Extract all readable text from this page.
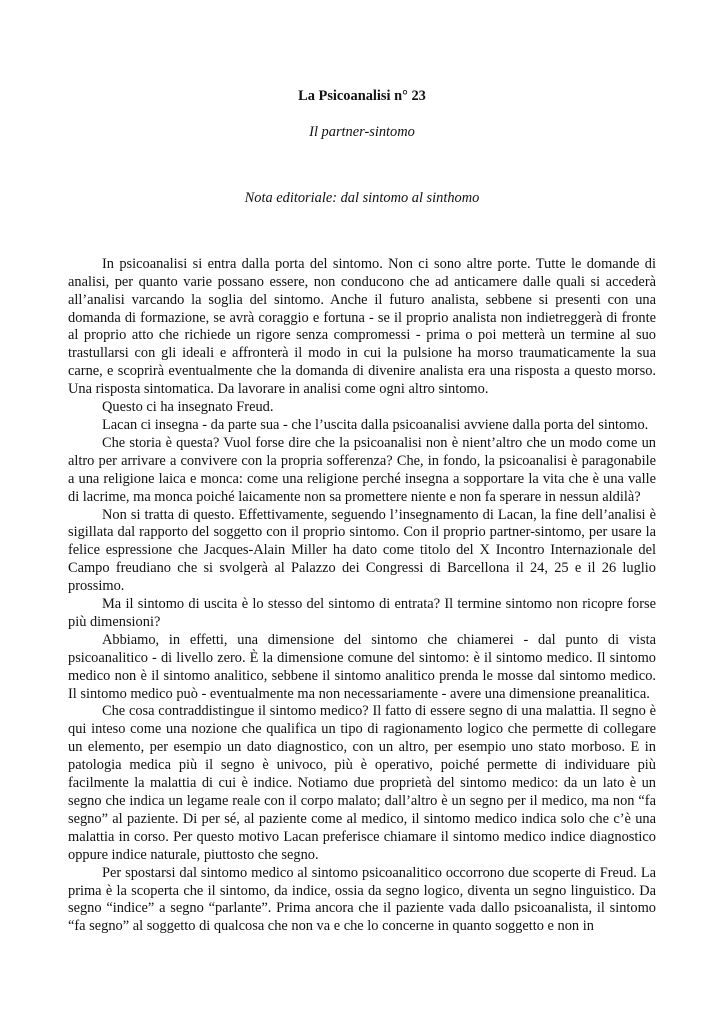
La Psicoanalisi n° 23
Il partner-sintomo
Nota editoriale: dal sintomo al sinthomo

In psicoanalisi si entra dalla porta del sintomo. Non ci sono altre porte. Tutte le domande di analisi, per quanto varie possano essere, non conducono che ad anticamere dalle quali si accederà all’analisi varcando la soglia del sintomo. Anche il futuro analista, sebbene si presenti con una domanda di formazione, se avrà coraggio e fortuna - se il proprio analista non indietreggerà di fronte al proprio atto che richiede un rigore senza compromessi - prima o poi metterà un termine al suo trastullarsi con gli ideali e affronterà il modo in cui la pulsione ha morso traumaticamente la sua carne, e scoprirà eventualmente che la domanda di divenire analista era una risposta a questo morso. Una risposta sintomatica. Da lavorare in analisi come ogni altro sintomo.

Questo ci ha insegnato Freud.

Lacan ci insegna - da parte sua - che l’uscita dalla psicoanalisi avviene dalla porta del sintomo.

Che storia è questa? Vuol forse dire che la psicoanalisi non è nient’altro che un modo come un altro per arrivare a convivere con la propria sofferenza? Che, in fondo, la psicoanalisi è paragonabile a una religione laica e monca: come una religione perché insegna a sopportare la vita che è una valle di lacrime, ma monca poiché laicamente non sa promettere niente e non fa sperare in nessun aldilà?

Non si tratta di questo. Effettivamente, seguendo l’insegnamento di Lacan, la fine dell’analisi è sigillata dal rapporto del soggetto con il proprio sintomo. Con il proprio partner-sintomo, per usare la felice espressione che Jacques-Alain Miller ha dato come titolo del X Incontro Internazionale del Campo freudiano che si svolgerà al Palazzo dei Congressi di Barcellona il 24, 25 e il 26 luglio prossimo.

Ma il sintomo di uscita è lo stesso del sintomo di entrata? Il termine sintomo non ricopre forse più dimensioni?

Abbiamo, in effetti, una dimensione del sintomo che chiamerei - dal punto di vista psicoanalitico - di livello zero. È la dimensione comune del sintomo: è il sintomo medico. Il sintomo medico non è il sintomo analitico, sebbene il sintomo analitico prenda le mosse dal sintomo medico. Il sintomo medico può - eventualmente ma non necessariamente - avere una dimensione preanalitica.

Che cosa contraddistingue il sintomo medico? Il fatto di essere segno di una malattia. Il segno è qui inteso come una nozione che qualifica un tipo di ragionamento logico che permette di collegare un elemento, per esempio un dato diagnostico, con un altro, per esempio uno stato morboso. E in patologia medica più il segno è univoco, più è operativo, poiché permette di individuare più facilmente la malattia di cui è indice. Notiamo due proprietà del sintomo medico: da un lato è un segno che indica un legame reale con il corpo malato; dall’altro è un segno per il medico, ma non “fa segno” al paziente. Di per sé, al paziente come al medico, il sintomo medico indica solo che c’è una malattia in corso. Per questo motivo Lacan preferisce chiamare il sintomo medico indice diagnostico oppure indice naturale, piuttosto che segno.

Per spostarsi dal sintomo medico al sintomo psicoanalitico occorrono due scoperte di Freud. La prima è la scoperta che il sintomo, da indice, ossia da segno logico, diventa un segno linguistico. Da segno “indice” a segno “parlante”. Prima ancora che il paziente vada dallo psicoanalista, il sintomo “fa segno” al soggetto di qualcosa che non va e che lo concerne in quanto soggetto e non in
